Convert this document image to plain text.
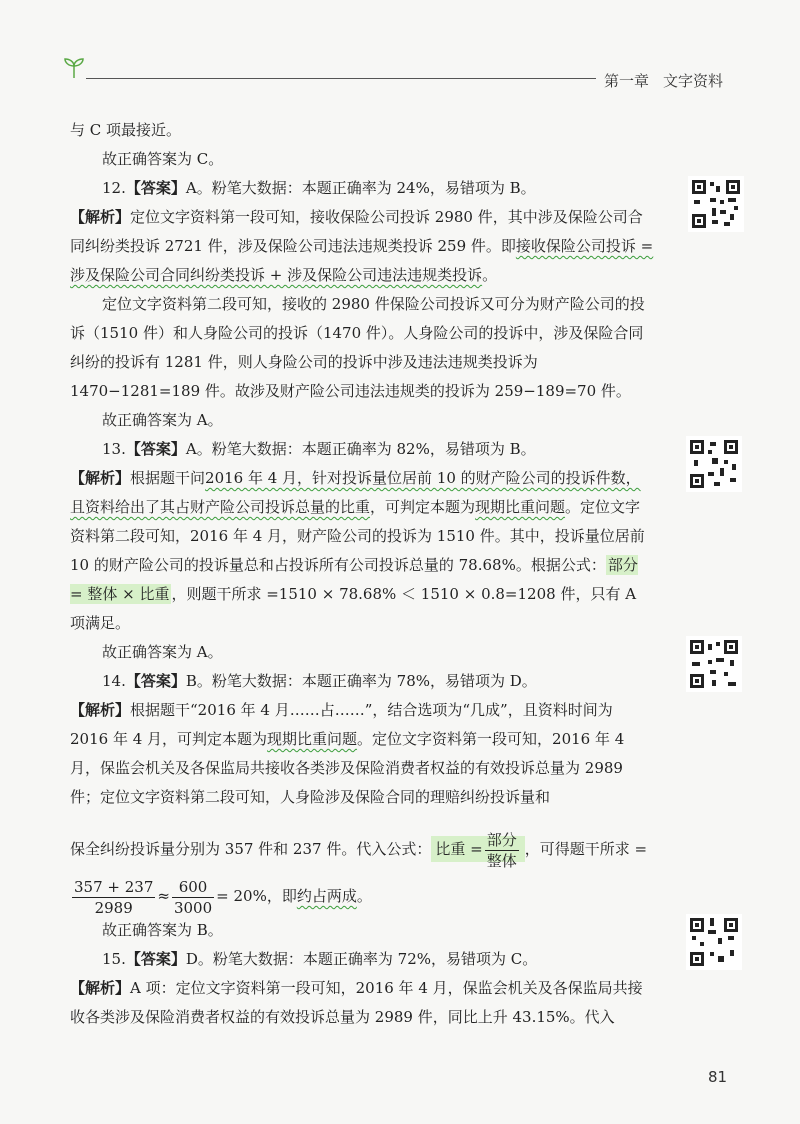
第一章 文字资料

与 C 项最接近。

故正确答案为 C。

12.【答案】A。粉笔大数据：本题正确率为 24%，易错项为 B。

【解析】定位文字资料第一段可知，接收保险公司投诉 2980 件，其中涉及保险公司合同纠纷类投诉 2721 件，涉及保险公司违法违规类投诉 259 件。即接收保险公司投诉 = 涉及保险公司合同纠纷类投诉 + 涉及保险公司违法违规类投诉。

定位文字资料第二段可知，接收的 2980 件保险公司投诉又可分为财产险公司的投诉（1510 件）和人身险公司的投诉（1470 件）。人身险公司的投诉中，涉及保险合同纠纷的投诉有 1281 件，则人身险公司的投诉中涉及违法违规类投诉为 1470−1281=189 件。故涉及财产险公司违法违规类的投诉为 259−189=70 件。

故正确答案为 A。

13.【答案】A。粉笔大数据：本题正确率为 82%，易错项为 B。

【解析】根据题干问2016 年 4 月，针对投诉量位居前 10 的财产险公司的投诉件数，且资料给出了其占财产险公司投诉总量的比重，可判定本题为现期比重问题。定位文字资料第二段可知，2016 年 4 月，财产险公司的投诉为 1510 件。其中，投诉量位居前 10 的财产险公司的投诉量总和占投诉所有公司投诉总量的 78.68%。根据公式： 部分 = 整体 × 比重 ，则题干所求 =1510 × 78.68% ＜ 1510 × 0.8=1208 件，只有 A 项满足。

故正确答案为 A。

14.【答案】B。粉笔大数据：本题正确率为 78%，易错项为 D。

【解析】根据题干“2016 年 4 月……占……”，结合选项为“几成”，且资料时间为 2016 年 4 月，可判定本题为现期比重问题。定位文字资料第一段可知，2016 年 4 月，保监会机关及各保监局共接收各类涉及保险消费者权益的有效投诉总量为 2989 件；定位文字资料第二段可知，人身险涉及保险合同的理赔纠纷投诉量和

保全纠纷投诉量分别为 357 件和 237 件。代入公式： 比重 = $\frac{\text{部分}}{\text{整体}}$ ，可得题干所求 =

$\frac{357 + 237}{2989} \approx \frac{600}{3000} = 20\%$，即约占两成。

故正确答案为 B。

15.【答案】D。粉笔大数据：本题正确率为 72%，易错项为 C。

【解析】A 项：定位文字资料第一段可知，2016 年 4 月，保监会机关及各保监局共接收各类涉及保险消费者权益的有效投诉总量为 2989 件，同比上升 43.15%。代入

81
